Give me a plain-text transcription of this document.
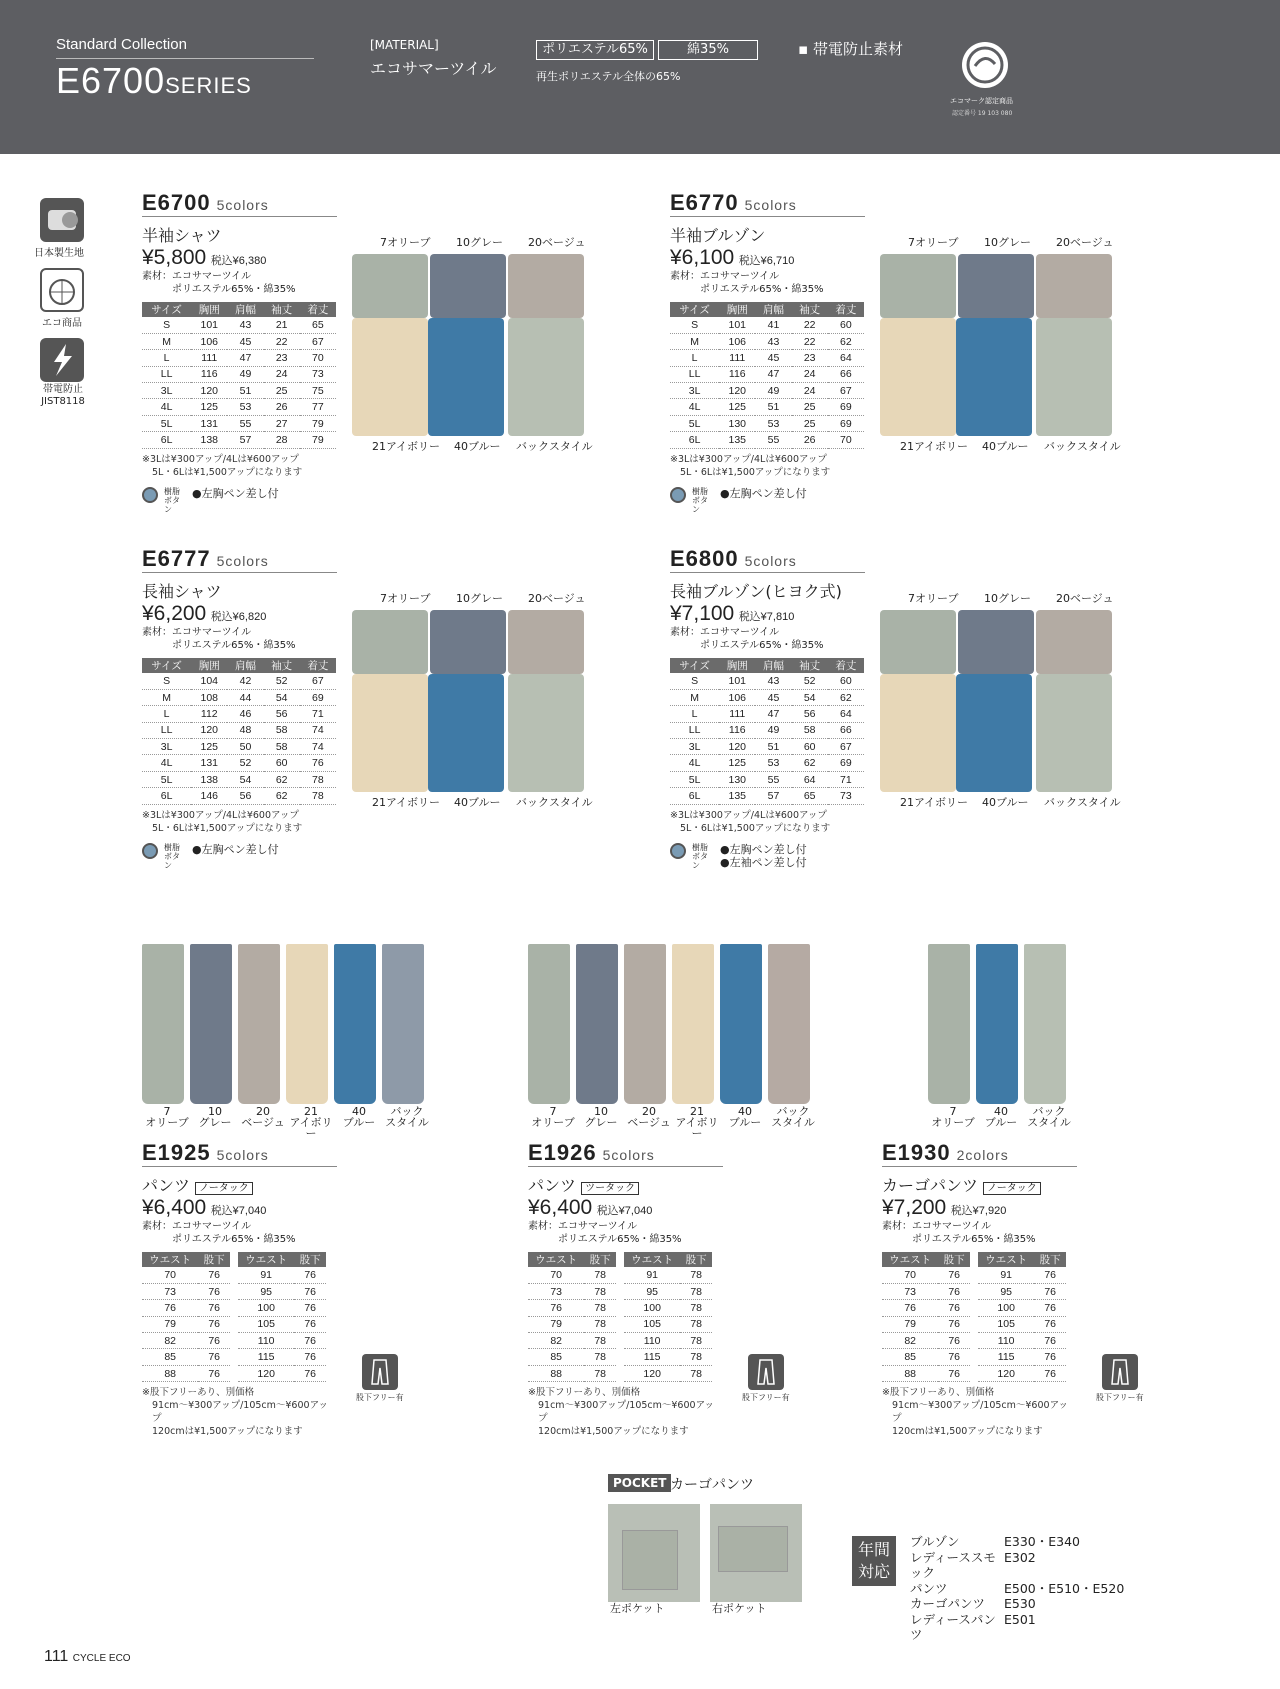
Standard Collection
E6700SERIES
[MATERIAL]
エコサマーツイル
ポリエステル65%	綿35%
再生ポリエステル全体の65%
▪ 帯電防止素材
エコマーク認定商品
認定番号 19 103 080
日本製生地
エコ商品
帯電防止
JIST8118
E6700 5colors
半袖シャツ
¥5,800 税込¥6,380
素材：エコサマーツイル
ポリエステル65%・綿35%
サイズ	胸囲	肩幅	袖丈	着丈
S	101	43	21	65
M	106	45	22	67
L	111	47	23	70
LL	116	49	24	73
3L	120	51	25	75
4L	125	53	26	77
5L	131	55	27	79
6L	138	57	28	79
※3Lは¥300アップ/4Lは¥600アップ
5L・6Lは¥1,500アップになります
樹脂ボタン
●左胸ペン差し付
7オリーブ 10グレー 20ベージュ
21アイボリー 40ブルー バックスタイル
E6770 5colors
半袖ブルゾン
¥6,100 税込¥6,710
素材：エコサマーツイル
ポリエステル65%・綿35%
サイズ	胸囲	肩幅	袖丈	着丈
S	101	41	22	60
M	106	43	22	62
L	111	45	23	64
LL	116	47	24	66
3L	120	49	24	67
4L	125	51	25	69
5L	130	53	25	69
6L	135	55	26	70
※3Lは¥300アップ/4Lは¥600アップ
5L・6Lは¥1,500アップになります
樹脂ボタン
●左胸ペン差し付
7オリーブ 10グレー 20ベージュ
21アイボリー 40ブルー バックスタイル
E6777 5colors
長袖シャツ
¥6,200 税込¥6,820
素材：エコサマーツイル
ポリエステル65%・綿35%
サイズ	胸囲	肩幅	袖丈	着丈
S	104	42	52	67
M	108	44	54	69
L	112	46	56	71
LL	120	48	58	74
3L	125	50	58	74
4L	131	52	60	76
5L	138	54	62	78
6L	146	56	62	78
※3Lは¥300アップ/4Lは¥600アップ
5L・6Lは¥1,500アップになります
樹脂ボタン
●左胸ペン差し付
7オリーブ 10グレー 20ベージュ
21アイボリー 40ブルー バックスタイル
E6800 5colors
長袖ブルゾン(ヒヨク式)
¥7,100 税込¥7,810
素材：エコサマーツイル
ポリエステル65%・綿35%
サイズ	胸囲	肩幅	袖丈	着丈
S	101	43	52	60
M	106	45	54	62
L	111	47	56	64
LL	116	49	58	66
3L	120	51	60	67
4L	125	53	62	69
5L	130	55	64	71
6L	135	57	65	73
※3Lは¥300アップ/4Lは¥600アップ
5L・6Lは¥1,500アップになります
樹脂ボタン
●左胸ペン差し付
●左袖ペン差し付
7オリーブ 10グレー 20ベージュ
21アイボリー 40ブルー バックスタイル
7
オリーブ
10
グレー
20
ベージュ
21
アイボリー
40
ブルー
バック
スタイル
E1925 5colors
パンツ ノータック
¥6,400 税込¥7,040
素材：エコサマーツイル
ポリエステル65%・綿35%
ウエスト	股下
70	76
73	76
76	76
79	76
82	76
85	76
88	76
ウエスト	股下
91	76
95	76
100	76
105	76
110	76
115	76
120	76
※股下フリーあり、別価格
91cm〜¥300アップ/105cm〜¥600アップ
120cmは¥1,500アップになります
股下フリー有
7
オリーブ
10
グレー
20
ベージュ
21
アイボリー
40
ブルー
バック
スタイル
E1926 5colors
パンツ ツータック
¥6,400 税込¥7,040
素材：エコサマーツイル
ポリエステル65%・綿35%
ウエスト	股下
70	78
73	78
76	78
79	78
82	78
85	78
88	78
ウエスト	股下
91	78
95	78
100	78
105	78
110	78
115	78
120	78
※股下フリーあり、別価格
91cm〜¥300アップ/105cm〜¥600アップ
120cmは¥1,500アップになります
股下フリー有
7
オリーブ
40
ブルー
バック
スタイル
E1930 2colors
カーゴパンツ ノータック
¥7,200 税込¥7,920
素材：エコサマーツイル
ポリエステル65%・綿35%
ウエスト	股下
70	76
73	76
76	76
79	76
82	76
85	76
88	76
ウエスト	股下
91	76
95	76
100	76
105	76
110	76
115	76
120	76
※股下フリーあり、別価格
91cm〜¥300アップ/105cm〜¥600アップ
120cmは¥1,500アップになります
股下フリー有
POCKET カーゴパンツ
左ポケット	右ポケット
年間
対応
ブルゾン	E330・E340
レディーススモック
E302
パンツ	E500・E510・E520
カーゴパンツ	E530
レディースパンツ
E501
111 CYCLE ECO
